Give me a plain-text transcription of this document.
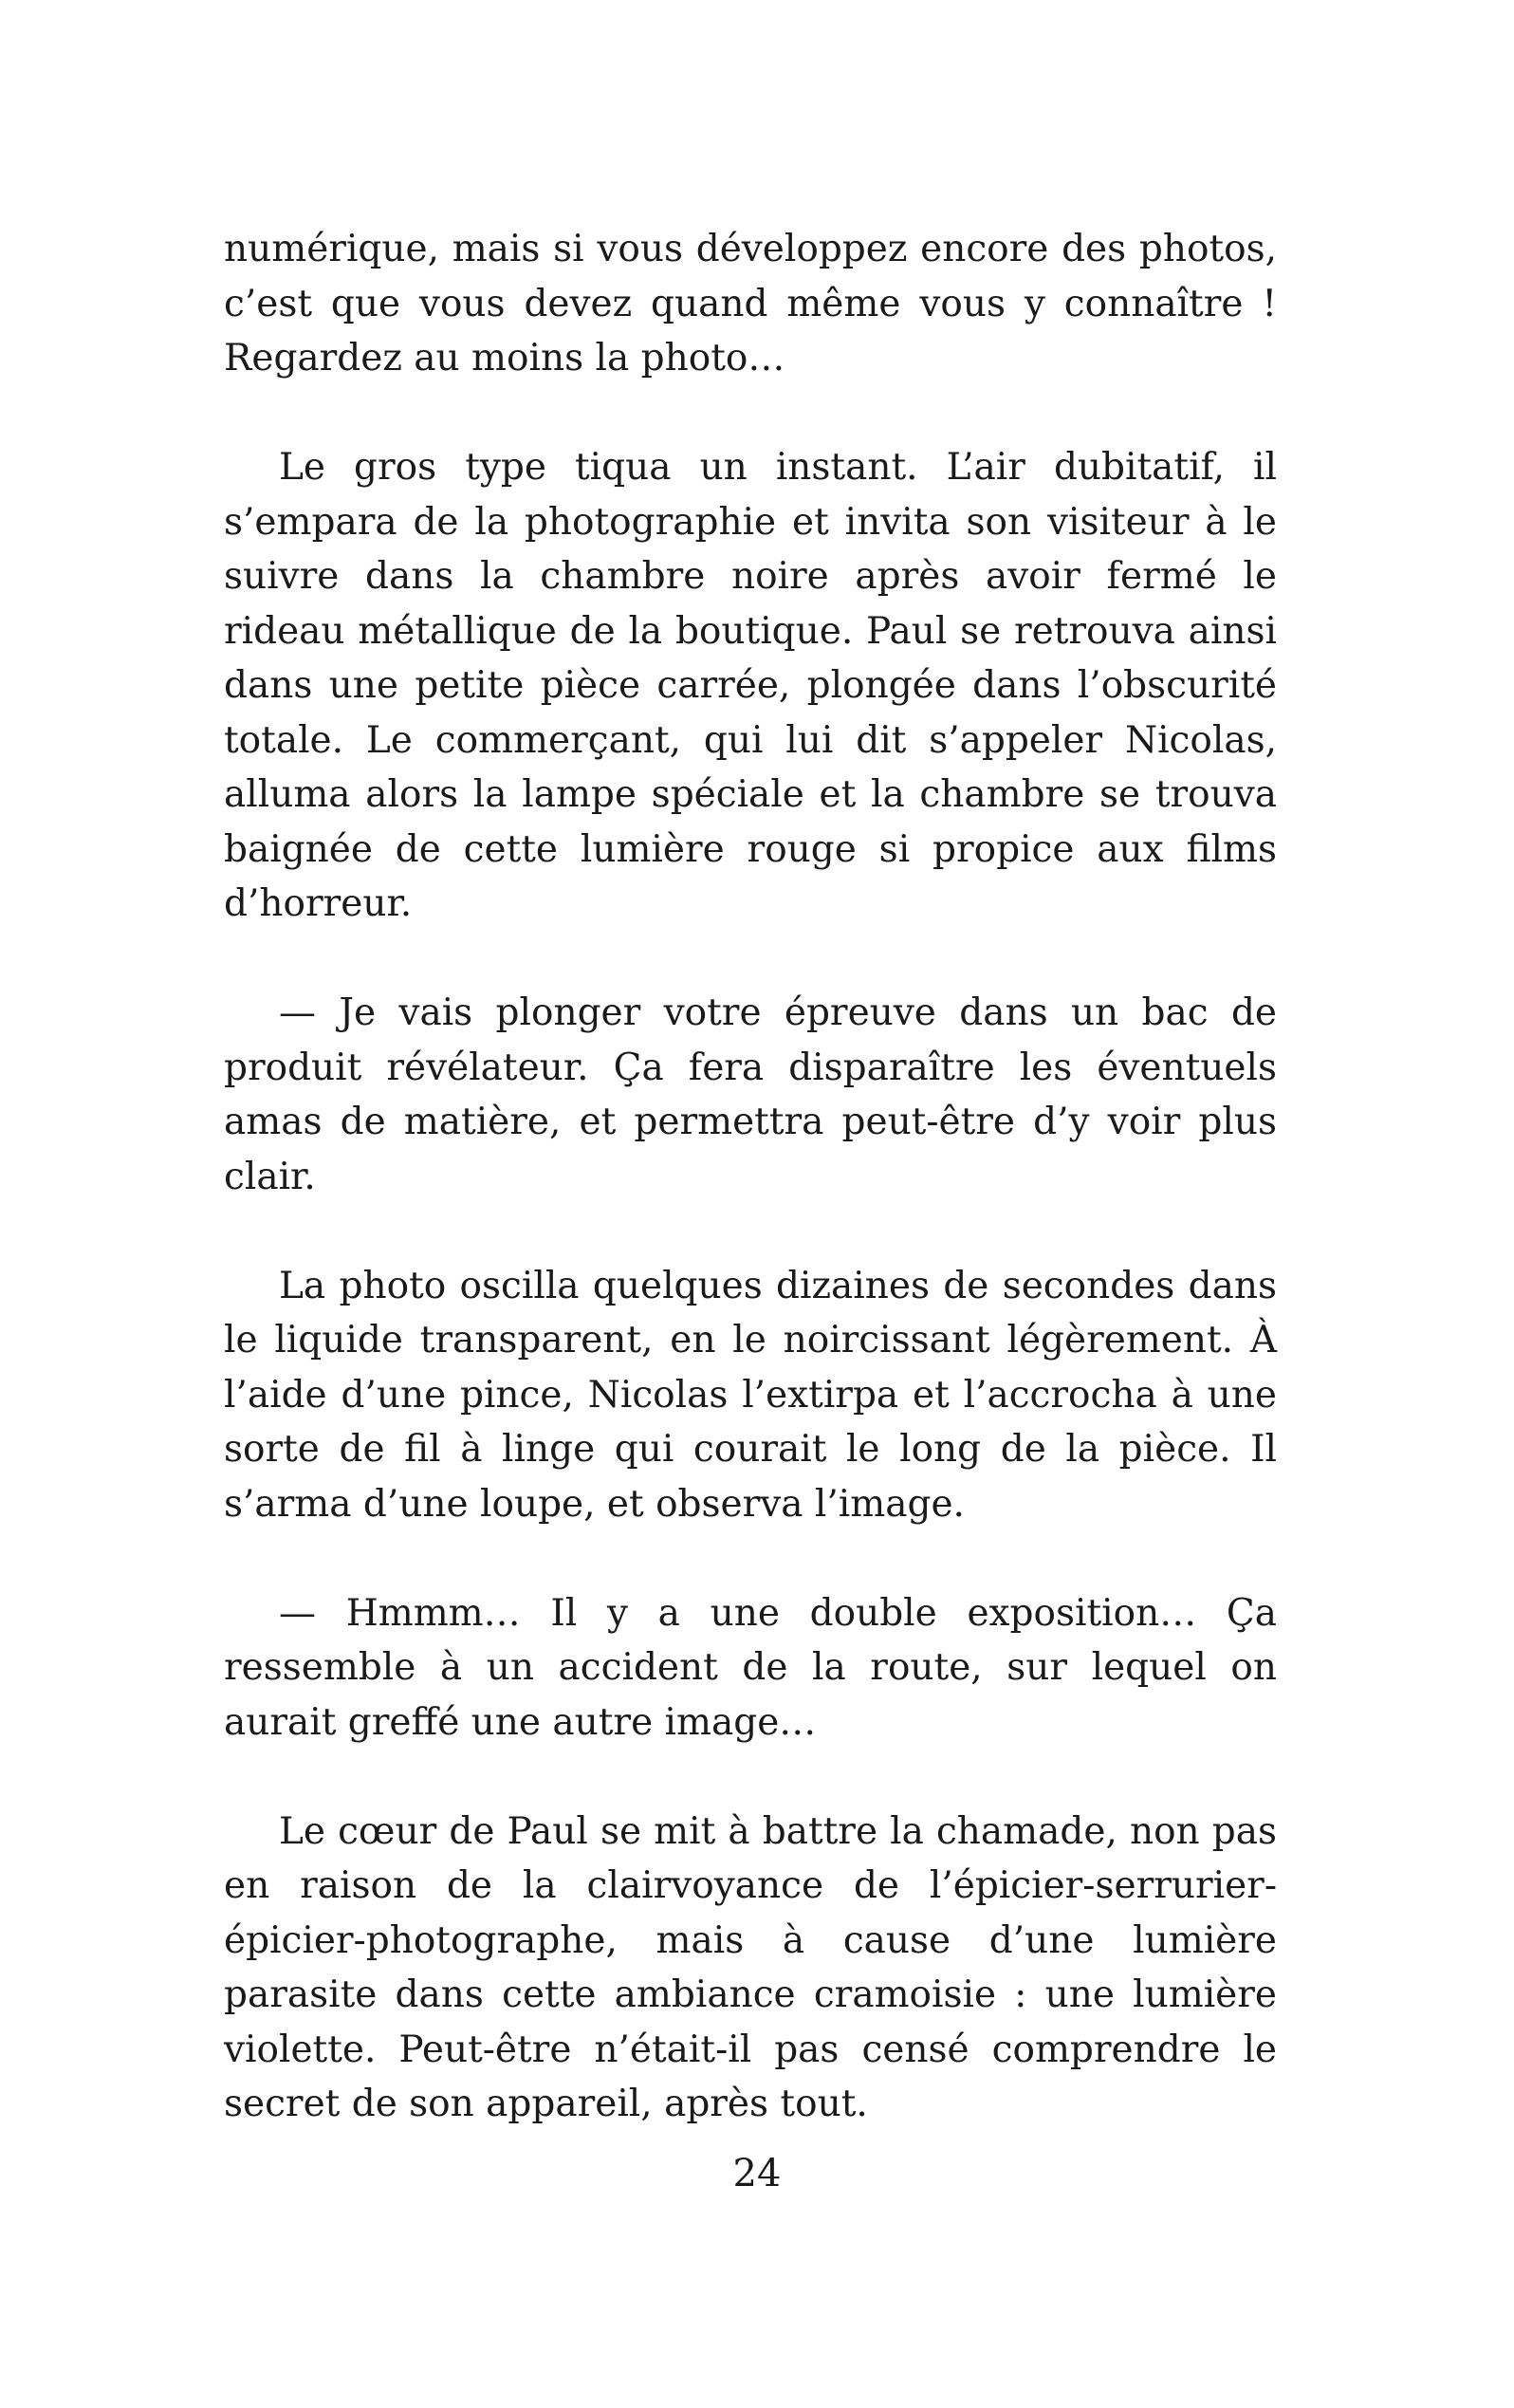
numérique, mais si vous développez encore des photos, c’est que vous devez quand même vous y connaître ! Regardez au moins la photo…

Le gros type tiqua un instant. L’air dubitatif, il s’empara de la photographie et invita son visiteur à le suivre dans la chambre noire après avoir fermé le rideau métallique de la boutique. Paul se retrouva ainsi dans une petite pièce carrée, plongée dans l’obscurité totale. Le commerçant, qui lui dit s’appeler Nicolas, alluma alors la lampe spéciale et la chambre se trouva baignée de cette lumière rouge si propice aux films d’horreur.

— Je vais plonger votre épreuve dans un bac de produit révélateur. Ça fera disparaître les éventuels amas de matière, et permettra peut-être d’y voir plus clair.

La photo oscilla quelques dizaines de secondes dans le liquide transparent, en le noircissant légèrement. À l’aide d’une pince, Nicolas l’extirpa et l’accrocha à une sorte de fil à linge qui courait le long de la pièce. Il s’arma d’une loupe, et observa l’image.

— Hmmm… Il y a une double exposition… Ça ressemble à un accident de la route, sur lequel on aurait greffé une autre image…

Le cœur de Paul se mit à battre la chamade, non pas en raison de la clairvoyance de l’épicier-serrurier-épicier-photographe, mais à cause d’une lumière parasite dans cette ambiance cramoisie : une lumière violette. Peut-être n’était-il pas censé comprendre le secret de son appareil, après tout.

24
